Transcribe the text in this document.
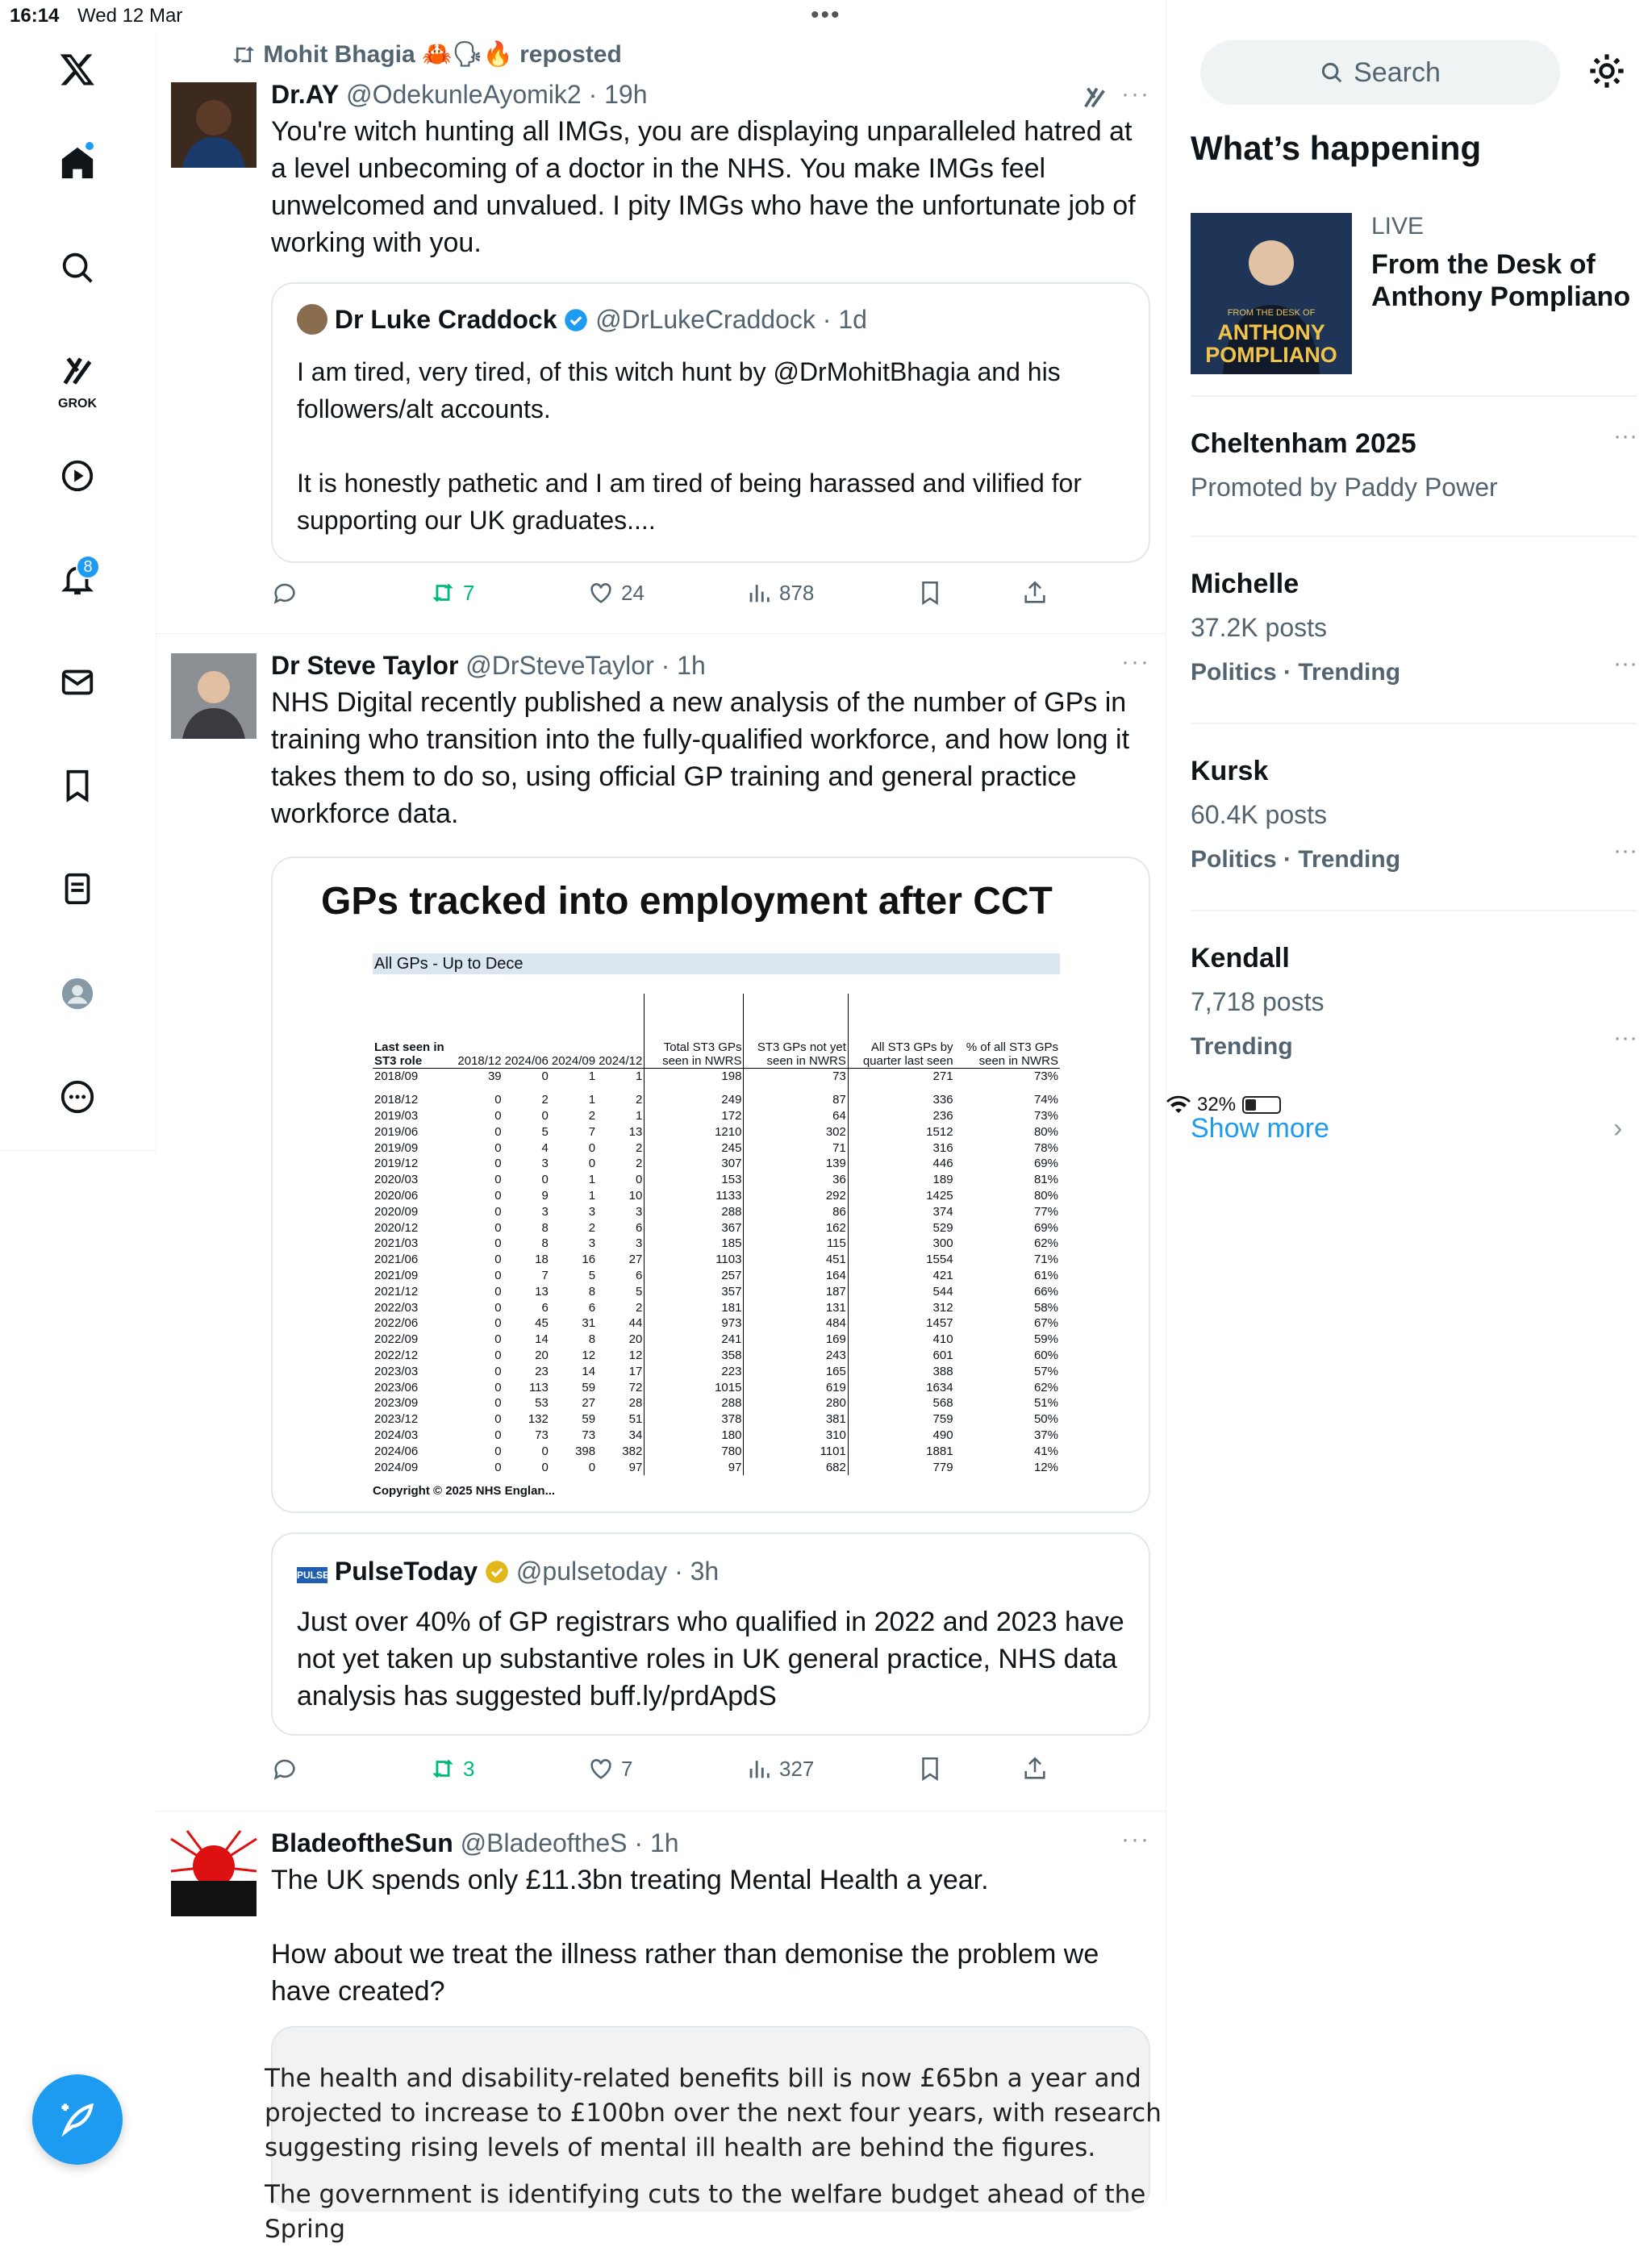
16:14 Wed 12 Mar	•••
32%
GROK
8
Mohit Bhagia 🦀🗣🔥 reposted
Dr.AY @OdekunleAyomik2 · 19h
You're witch hunting all IMGs, you are displaying unparalleled hatred at a level unbecoming of a doctor in the NHS. You make IMGs feel unwelcomed and unvalued. I pity IMGs who have the unfortunate job of working with you.
···
Dr Luke Craddock @DrLukeCraddock · 1d
I am tired, very tired, of this witch hunt by @DrMohitBhagia and his followers/alt accounts.
It is honestly pathetic and I am tired of being harassed and vilified for supporting our UK graduates....
7	24	878
Dr Steve Taylor @DrSteveTaylor · 1h
NHS Digital recently published a new analysis of the number of GPs in training who transition into the fully-qualified workforce, and how long it takes them to do so, using official GP training and general practice workforce data.
···
GPs tracked into employment after CCT
All GPs - Up to Dece
Last seen in ST3 role	2018/12	2024/06	2024/09	2024/12	Total ST3 GPs seen in NWRS	ST3 GPs not yet seen in NWRS	All ST3 GPs by quarter last seen	% of all ST3 GPs seen in NWRS
2018/09	39	0	1	1	198	73	271	73%

2018/12	0	2	1	2	249	87	336	74%
2019/03	0	0	2	1	172	64	236	73%
2019/06	0	5	7	13	1210	302	1512	80%
2019/09	0	4	0	2	245	71	316	78%
2019/12	0	3	0	2	307	139	446	69%
2020/03	0	0	1	0	153	36	189	81%
2020/06	0	9	1	10	1133	292	1425	80%
2020/09	0	3	3	3	288	86	374	77%
2020/12	0	8	2	6	367	162	529	69%
2021/03	0	8	3	3	185	115	300	62%
2021/06	0	18	16	27	1103	451	1554	71%
2021/09	0	7	5	6	257	164	421	61%
2021/12	0	13	8	5	357	187	544	66%
2022/03	0	6	6	2	181	131	312	58%
2022/06	0	45	31	44	973	484	1457	67%
2022/09	0	14	8	20	241	169	410	59%
2022/12	0	20	12	12	358	243	601	60%
2023/03	0	23	14	17	223	165	388	57%
2023/06	0	113	59	72	1015	619	1634	62%
2023/09	0	53	27	28	288	280	568	51%
2023/12	0	132	59	51	378	381	759	50%
2024/03	0	73	73	34	180	310	490	37%
2024/06	0	0	398	382	780	1101	1881	41%
2024/09	0	0	0	97	97	682	779	12%
Copyright © 2025 NHS Englan...
PULSE PulseToday @pulsetoday · 3h
Just over 40% of GP registrars who qualified in 2022 and 2023 have not yet taken up substantive roles in UK general practice, NHS data analysis has suggested buff.ly/prdApdS
3	7	327
BladeoftheSun @BladeoftheS · 1h
The UK spends only £11.3bn treating Mental Health a year.
How about we treat the illness rather than demonise the problem we have created?
···
The health and disability-related benefits bill is now £65bn a year and projected to increase to £100bn over the next four years, with research suggesting rising levels of mental ill health are behind the figures.
The government is identifying cuts to the welfare budget ahead of the Spring
Search
What’s happening
FROM THE DESK OF
ANTHONY POMPLIANO
LIVE
From the Desk of Anthony Pompliano
Cheltenham 2025
Promoted by Paddy Power
···
Michelle
37.2K posts
Politics · Trending	···
Kursk
60.4K posts
Politics · Trending	···
Kendall
7,718 posts
Trending	···
Show more	›
